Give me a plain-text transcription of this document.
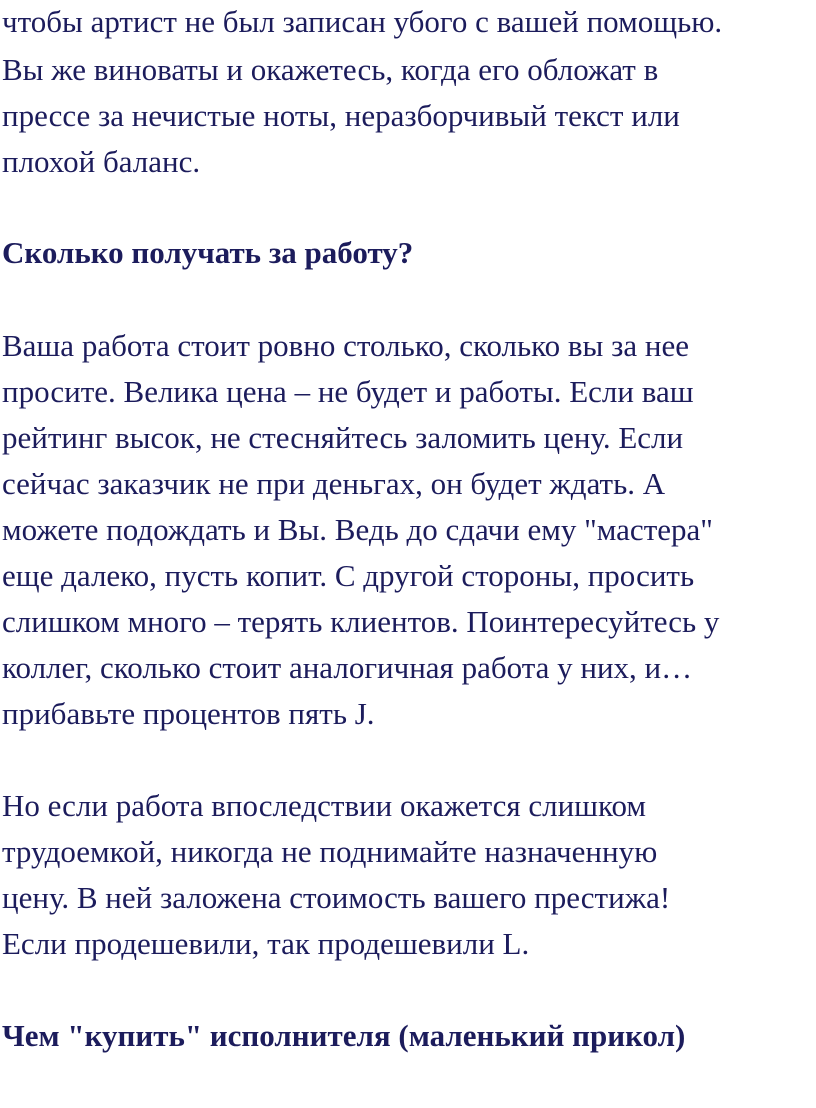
чтобы артист не был записан убого с вашей помощью.
Вы же виноваты и окажетесь, когда его обложат в
прессе за нечистые ноты, неразборчивый текст или
плохой баланс.
Сколько получать за работу?
Ваша работа стоит ровно столько, сколько вы за нее
просите. Велика цена – не будет и работы. Если ваш
рейтинг высок, не стесняйтесь заломить цену. Если
сейчас заказчик не при деньгах, он будет ждать. А
можете подождать и Вы. Ведь до сдачи ему "мастера"
еще далеко, пусть копит. С другой стороны, просить
слишком много – терять клиентов. Поинтересуйтесь у
коллег, сколько стоит аналогичная работа у них, и…
прибавьте процентов пять J.
Но если работа впоследствии окажется слишком
трудоемкой, никогда не поднимайте назначенную
цену. В ней заложена стоимость вашего престижа!
Если продешевили, так продешевили L.
Чем "купить" исполнителя (маленький прикол)
